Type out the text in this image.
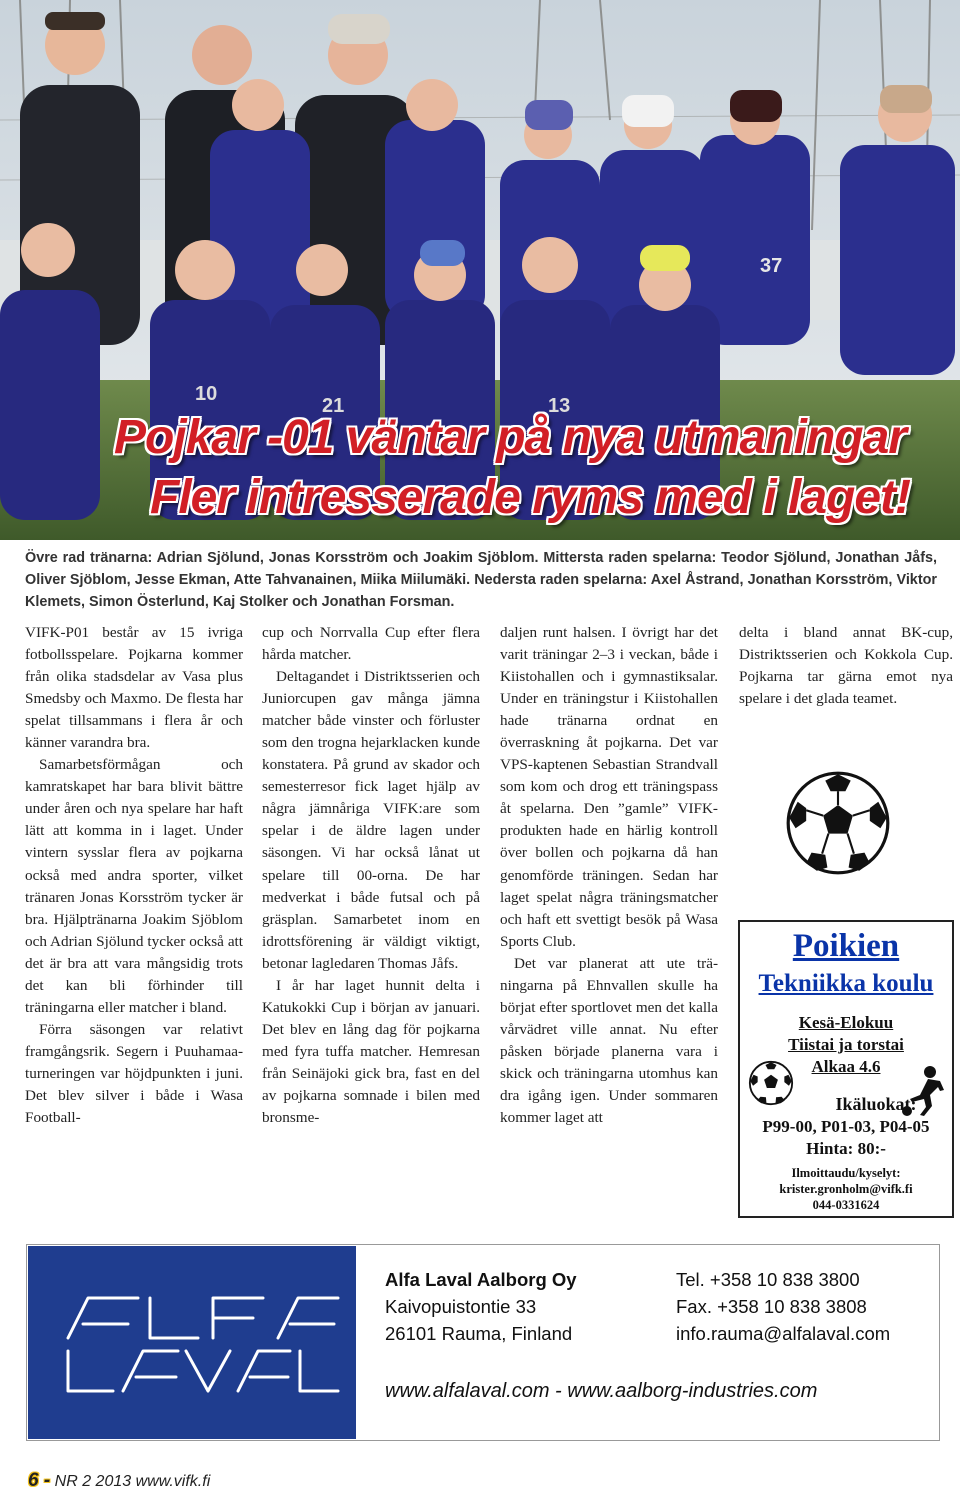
37
10
21	13
Pojkar -01 väntar på nya utmaningar
Fler intresserade ryms med i laget!
Övre rad tränarna: Adrian Sjölund, Jonas Korsström och Joakim Sjöblom. Mittersta raden spelarna: Teodor Sjölund, Jonathan Jåfs, Oliver Sjöblom, Jesse Ekman, Atte Tahvanainen, Miika Miilumäki. Nedersta raden spelarna: Axel Åstrand, Jonathan Korsström, Viktor Klemets, Simon Österlund, Kaj Stolker och Jonathan Forsman.

VIFK-P01 består av 15 ivriga fotbollsspelare. Pojkarna kommer från olika stadsdelar av Vasa plus Smedsby och Maxmo. De flesta har spelat tillsammans i flera år och känner varandra bra.

Samarbetsförmågan och kamratskapet har bara blivit bättre under åren och nya spelare har haft lätt att komma in i laget. Under vintern sysslar flera av pojkarna också med andra sporter, vilket tränaren Jonas Korsström tycker är bra. Hjälptränarna Joakim Sjöblom och Adrian Sjölund tycker också att det är bra att vara mångsidig trots det kan bli förhinder till träningarna eller matcher i bland.

Förra säsongen var relativt framgångsrik. Segern i Puuhamaa-turneringen var höjdpunkten i juni. Det blev silver i både i Wasa Football-

cup och Norrvalla Cup efter flera hårda matcher.

Deltagandet i Distriktsserien och Juniorcupen gav många jämna matcher både vinster och förluster som den trogna hejarklacken kunde konstatera. På grund av skador och semesterresor fick laget hjälp av några jämnåriga VIFK:are som spelar i de äldre lagen under säsongen. Vi har också lånat ut spelare till 00-orna. De har medverkat i både futsal och på gräsplan. Samarbetet inom en idrottsförening är väldigt viktigt, betonar lagledaren Thomas Jåfs.

I år har laget hunnit delta i Katukokki Cup i början av januari. Det blev en lång dag för pojkarna med fyra tuffa matcher. Hemresan från Seinäjoki gick bra, fast en del av pojkarna somnade i bilen med bronsme-

daljen runt halsen. I övrigt har det varit träningar 2–3 i veckan, både i Kiistohallen och i gymnastiksalar. Under en träningstur i Kiistohallen hade tränarna ordnat en överraskning åt pojkarna. Det var VPS-kaptenen Sebastian Strandvall som kom och drog ett träningspass åt spelarna. Den ”gamle” VIFK-produkten hade en härlig kontroll över bollen och pojkarna då han genomförde träningen. Sedan har laget spelat några träningsmatcher och haft ett svettigt besök på Wasa Sports Club.

Det var planerat att ute träningarna på Ehnvallen skulle ha börjat efter sportlovet men det kalla vårvädret ville annat. Nu efter påsken började planerna vara i skick och träningarna utomhus kan dra igång igen. Under sommaren kommer laget att

delta i bland annat BK-cup, Distriktsserien och Kokkola Cup. Pojkarna tar gärna emot nya spelare i det glada teamet.

Poikien
Tekniikka koulu
Kesä-Elokuu
Tiistai ja torstai
Alkaa 4.6
Ikäluokat:
P99-00, P01-03, P04-05
Hinta: 80:-
Ilmoittaudu/kyselyt:
krister.gronholm@vifk.fi
044-0331624
Alfa Laval Aalborg Oy
Kaivopuistontie 33
26101 Rauma, Finland
Tel. +358 10 838 3800
Fax. +358 10 838 3808
info.rauma@alfalaval.com
www.alfalaval.com - www.aalborg-industries.com
6 - NR 2 2013 www.vifk.fi
